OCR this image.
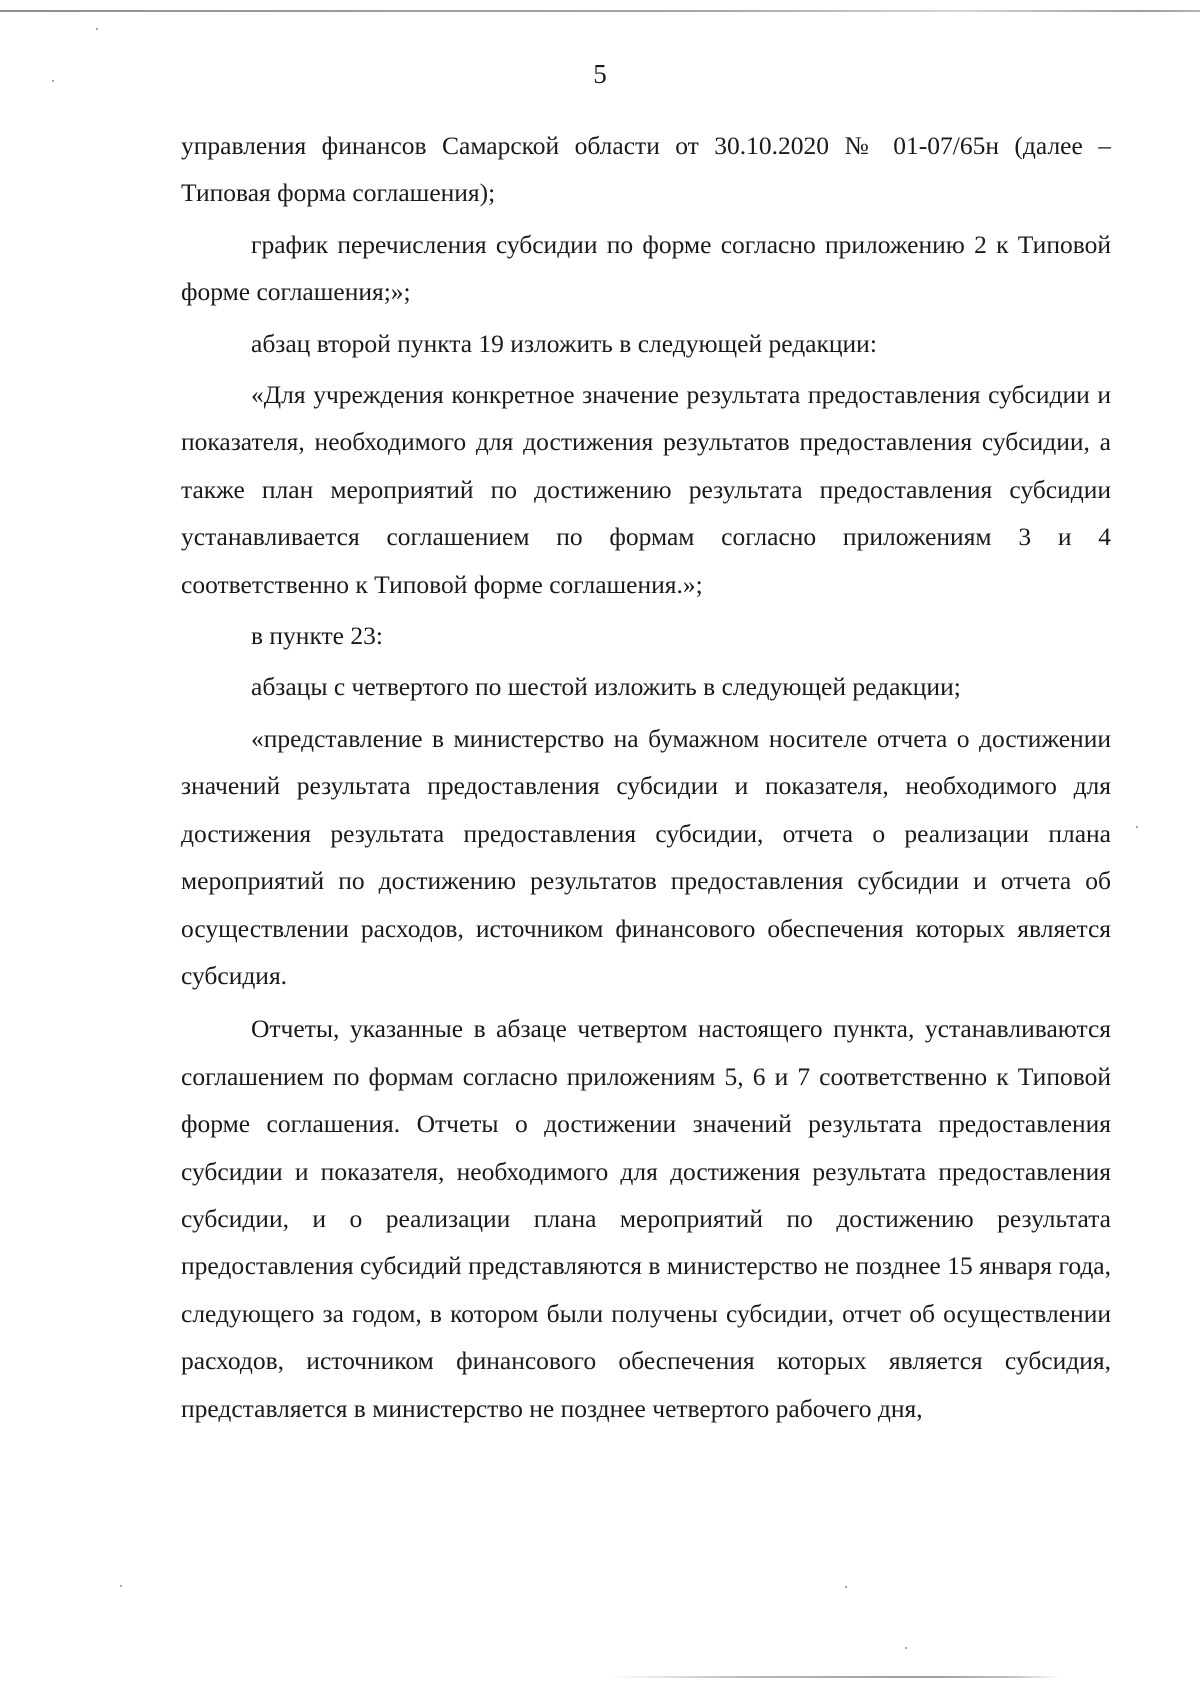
5

управления финансов Самарской области от 30.10.2020 № 01-07/65н (далее – Типовая форма соглашения);

график перечисления субсидии по форме согласно приложению 2 к Типовой форме соглашения;»;

абзац второй пункта 19 изложить в следующей редакции:

«Для учреждения конкретное значение результата предоставления субсидии и показателя, необходимого для достижения результатов предоставления субсидии, а также план мероприятий по достижению результата предоставления субсидии устанавливается соглашением по формам согласно приложениям 3 и 4 соответственно к Типовой форме соглашения.»;

в пункте 23:

абзацы с четвертого по шестой изложить в следующей редакции;

«представление в министерство на бумажном носителе отчета о достижении значений результата предоставления субсидии и показателя, необходимого для достижения результата предоставления субсидии, отчета о реализации плана мероприятий по достижению результатов предоставления субсидии и отчета об осуществлении расходов, источником финансового обеспечения которых является субсидия.

Отчеты, указанные в абзаце четвертом настоящего пункта, устанавливаются соглашением по формам согласно приложениям 5, 6 и 7 соответственно к Типовой форме соглашения. Отчеты о достижении значений результата предоставления субсидии и показателя, необходимого для достижения результата предоставления субсидии, и о реализации плана мероприятий по достижению результата предоставления субсидий представляются в министерство не позднее 15 января года, следующего за годом, в котором были получены субсидии, отчет об осуществлении расходов, источником финансового обеспечения которых является субсидия, представляется в министерство не позднее четвертого рабочего дня,
